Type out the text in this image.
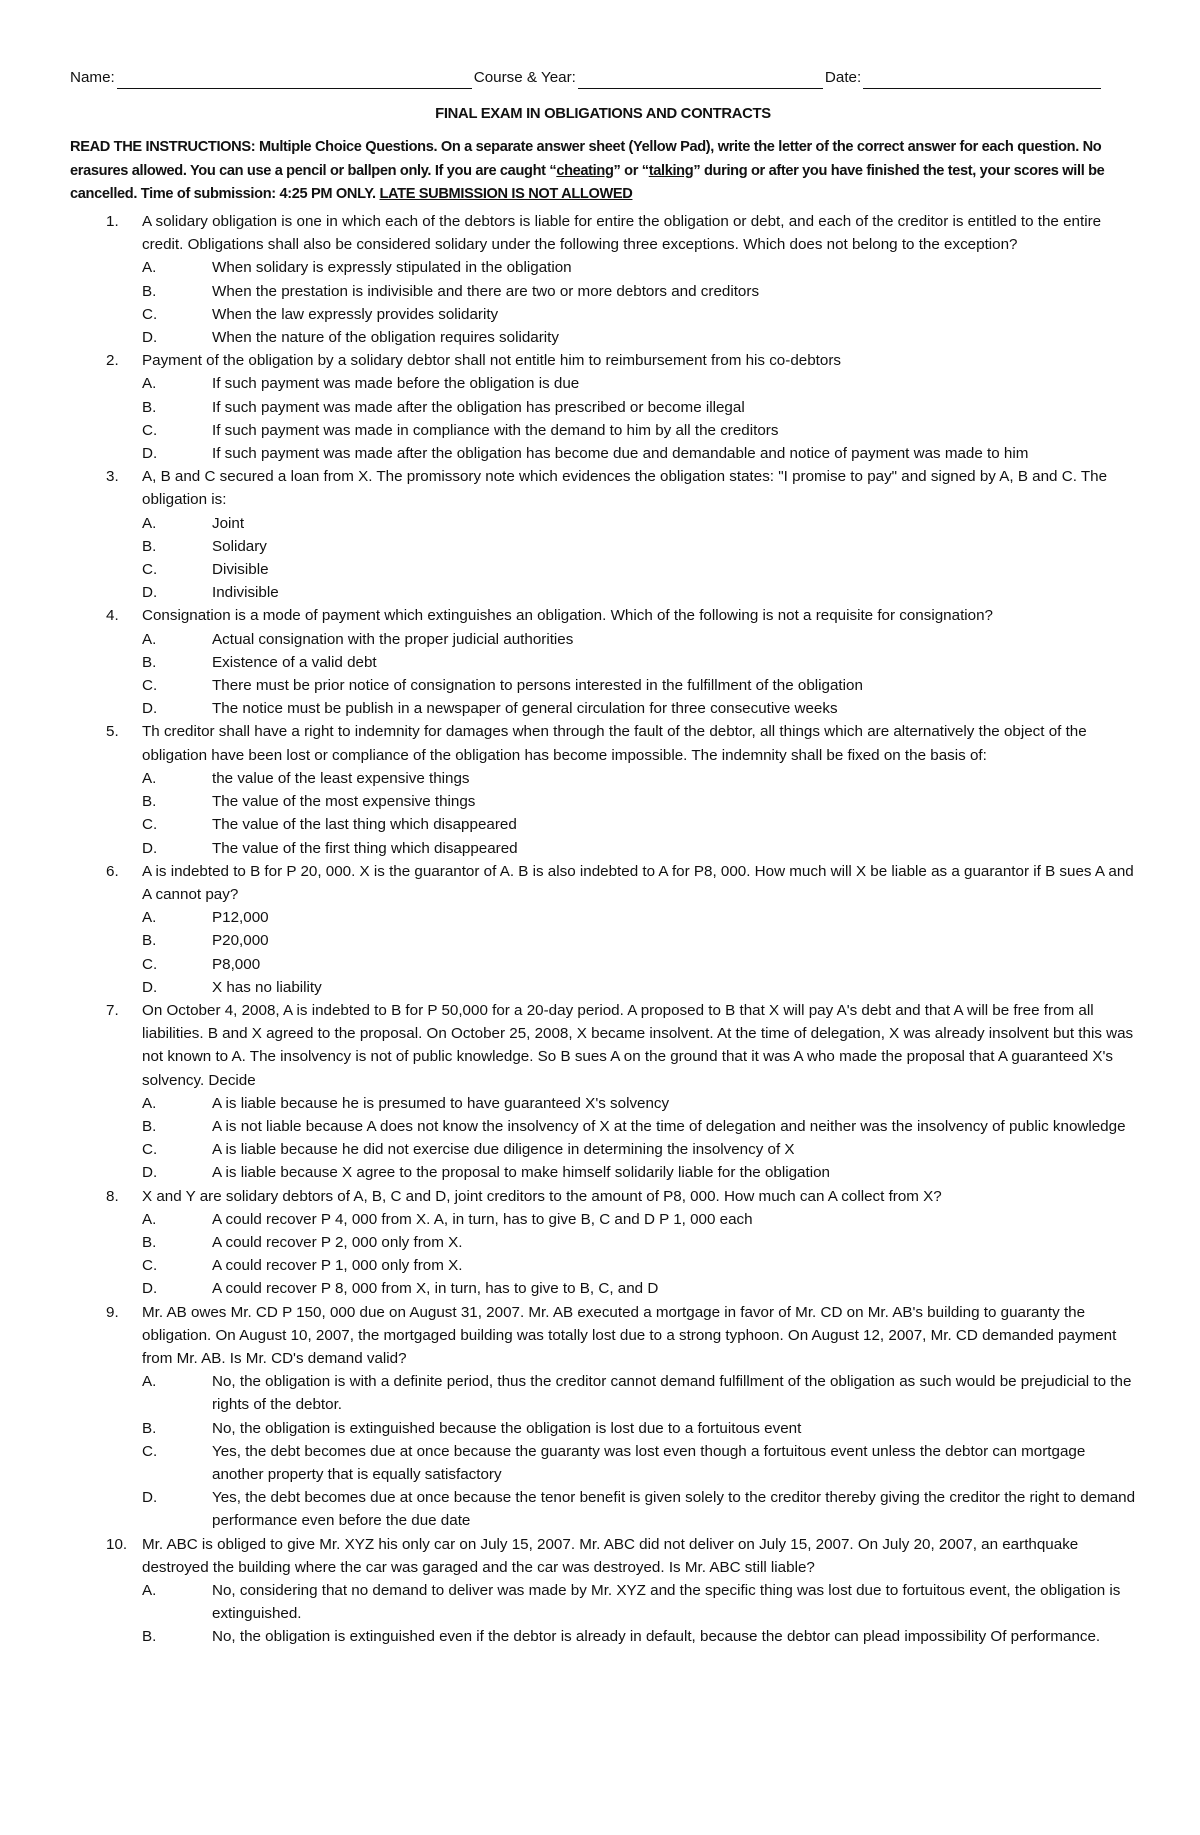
Name:	Course & Year:	Date:
FINAL EXAM IN OBLIGATIONS AND CONTRACTS
READ THE INSTRUCTIONS: Multiple Choice Questions. On a separate answer sheet (Yellow Pad), write the letter of the correct answer for each question. No erasures allowed. You can use a pencil or ballpen only. If you are caught “cheating” or “talking” during or after you have finished the test, your scores will be cancelled. Time of submission: 4:25 PM ONLY. LATE SUBMISSION IS NOT ALLOWED
1. A solidary obligation is one in which each of the debtors is liable for entire the obligation or debt, and each of the creditor is entitled to the entire credit. Obligations shall also be considered solidary under the following three exceptions. Which does not belong to the exception?
A.	When solidary is expressly stipulated in the obligation
B.	When the prestation is indivisible and there are two or more debtors and creditors
C.	When the law expressly provides solidarity
D.	When the nature of the obligation requires solidarity
2. Payment of the obligation by a solidary debtor shall not entitle him to reimbursement from his co-debtors
A.	If such payment was made before the obligation is due
B.	If such payment was made after the obligation has prescribed or become illegal
C.	If such payment was made in compliance with the demand to him by all the creditors
D.	If such payment was made after the obligation has become due and demandable and notice of payment was made to him
3. A, B and C secured a loan from X. The promissory note which evidences the obligation states: "I promise to pay" and signed by A, B and C. The obligation is:
A.	Joint
B.	Solidary
C.	Divisible
D.	Indivisible
4. Consignation is a mode of payment which extinguishes an obligation. Which of the following is not a requisite for consignation?
A.	Actual consignation with the proper judicial authorities
B.	Existence of a valid debt
C.	There must be prior notice of consignation to persons interested in the fulfillment of the obligation
D.	The notice must be publish in a newspaper of general circulation for three consecutive weeks
5. Th creditor shall have a right to indemnity for damages when through the fault of the debtor, all things which are alternatively the object of the obligation have been lost or compliance of the obligation has become impossible. The indemnity shall be fixed on the basis of:
A.	the value of the least expensive things
B.	The value of the most expensive things
C.	The value of the last thing which disappeared
D.	The value of the first thing which disappeared
6. A is indebted to B for P 20, 000. X is the guarantor of A. B is also indebted to A for P8, 000. How much will X be liable as a guarantor if B sues A and A cannot pay?
A.	P12,000
B.	P20,000
C.	P8,000
D.	X has no liability
7. On October 4, 2008, A is indebted to B for P 50,000 for a 20-day period. A proposed to B that X will pay A's debt and that A will be free from all liabilities. B and X agreed to the proposal. On October 25, 2008, X became insolvent. At the time of delegation, X was already insolvent but this was not known to A. The insolvency is not of public knowledge. So B sues A on the ground that it was A who made the proposal that A guaranteed X's solvency. Decide
A.	A is liable because he is presumed to have guaranteed X's solvency
B.	A is not liable because A does not know the insolvency of X at the time of delegation and neither was the insolvency of public knowledge
C.	A is liable because he did not exercise due diligence in determining the insolvency of X
D.	A is liable because X agree to the proposal to make himself solidarily liable for the obligation
8. X and Y are solidary debtors of A, B, C and D, joint creditors to the amount of P8, 000. How much can A collect from X?
A.	A could recover P 4, 000 from X. A, in turn, has to give B, C and D P 1, 000 each
B.	A could recover P 2, 000 only from X.
C.	A could recover P 1, 000 only from X.
D.	A could recover P 8, 000 from X, in turn, has to give to B, C, and D
9. Mr. AB owes Mr. CD P 150, 000 due on August 31, 2007. Mr. AB executed a mortgage in favor of Mr. CD on Mr. AB's building to guaranty the obligation. On August 10, 2007, the mortgaged building was totally lost due to a strong typhoon. On August 12, 2007, Mr. CD demanded payment from Mr. AB. Is Mr. CD's demand valid?
A.	No, the obligation is with a definite period, thus the creditor cannot demand fulfillment of the obligation as such would be prejudicial to the rights of the debtor.
B.	No, the obligation is extinguished because the obligation is lost due to a fortuitous event
C.	Yes, the debt becomes due at once because the guaranty was lost even though a fortuitous event unless the debtor can mortgage another property that is equally satisfactory
D.	Yes, the debt becomes due at once because the tenor benefit is given solely to the creditor thereby giving the creditor the right to demand performance even before the due date
10. Mr. ABC is obliged to give Mr. XYZ his only car on July 15, 2007. Mr. ABC did not deliver on July 15, 2007. On July 20, 2007, an earthquake destroyed the building where the car was garaged and the car was destroyed. Is Mr. ABC still liable?
A.	No, considering that no demand to deliver was made by Mr. XYZ and the specific thing was lost due to fortuitous event, the obligation is extinguished.
B.	No, the obligation is extinguished even if the debtor is already in default, because the debtor can plead impossibility Of performance.
